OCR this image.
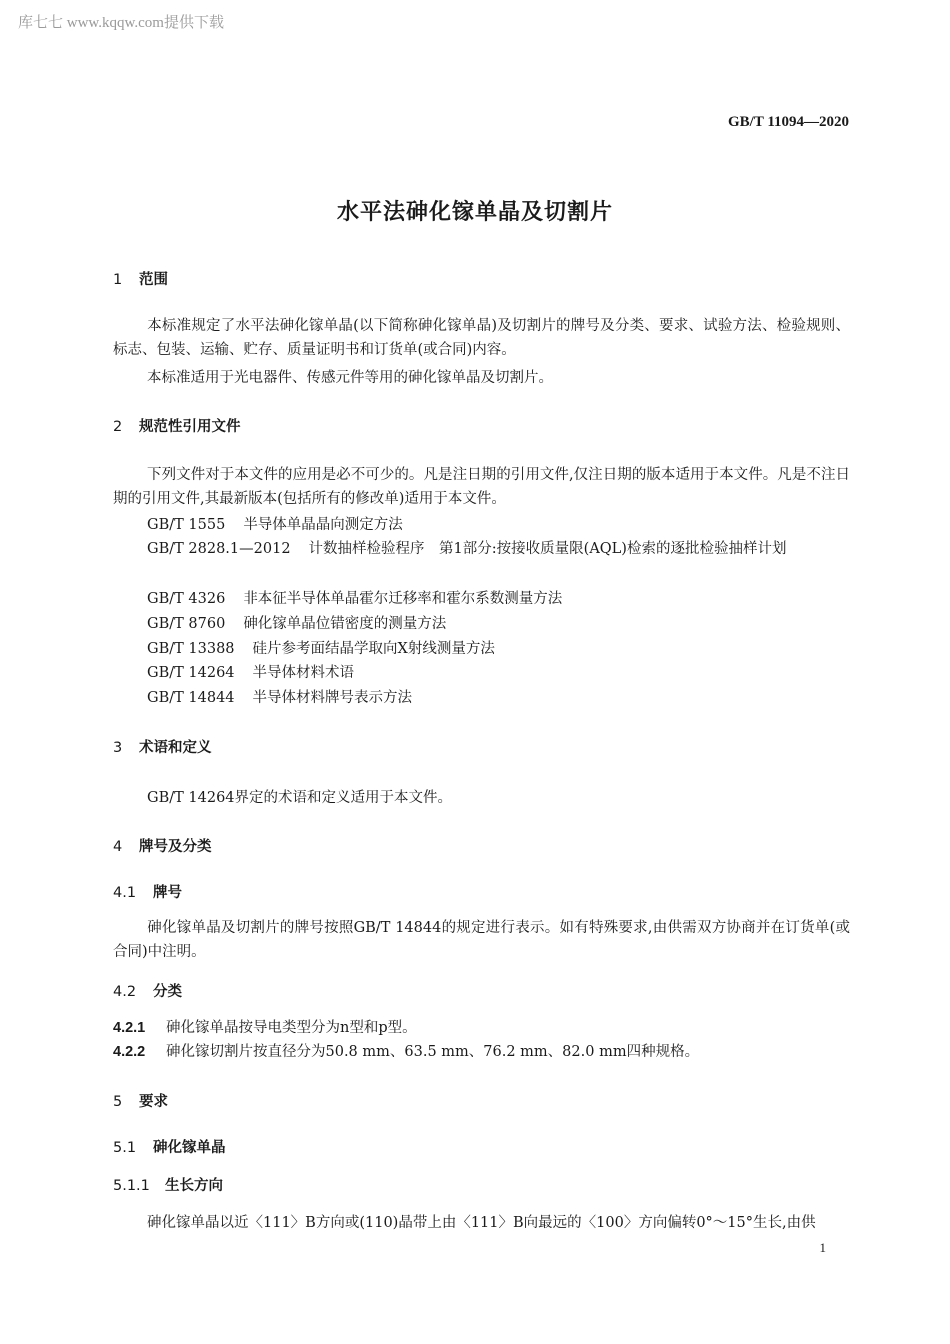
库七七 www.kqqw.com提供下载
GB/T 11094—2020
水平法砷化镓单晶及切割片
1 范围
本标准规定了水平法砷化镓单晶(以下简称砷化镓单晶)及切割片的牌号及分类、要求、试验方法、检验规则、标志、包装、运输、贮存、质量证明书和订货单(或合同)内容。
本标准适用于光电器件、传感元件等用的砷化镓单晶及切割片。
2 规范性引用文件
下列文件对于本文件的应用是必不可少的。凡是注日期的引用文件,仅注日期的版本适用于本文件。凡是不注日期的引用文件,其最新版本(包括所有的修改单)适用于本文件。
GB/T 1555 半导体单晶晶向测定方法
GB/T 2828.1—2012 计数抽样检验程序　第1部分:按接收质量限(AQL)检索的逐批检验抽样计划
GB/T 4326 非本征半导体单晶霍尔迁移率和霍尔系数测量方法
GB/T 8760 砷化镓单晶位错密度的测量方法
GB/T 13388 硅片参考面结晶学取向X射线测量方法
GB/T 14264 半导体材料术语
GB/T 14844 半导体材料牌号表示方法
3 术语和定义
GB/T 14264界定的术语和定义适用于本文件。
4 牌号及分类
4.1 牌号
砷化镓单晶及切割片的牌号按照GB/T 14844的规定进行表示。如有特殊要求,由供需双方协商并在订货单(或合同)中注明。
4.2 分类
4.2.1 砷化镓单晶按导电类型分为n型和p型。
4.2.2 砷化镓切割片按直径分为50.8 mm、63.5 mm、76.2 mm、82.0 mm四种规格。
5 要求
5.1 砷化镓单晶
5.1.1 生长方向
砷化镓单晶以近〈111〉B方向或(110)晶带上由〈111〉B向最远的〈100〉方向偏转0°～15°生长,由供
1
